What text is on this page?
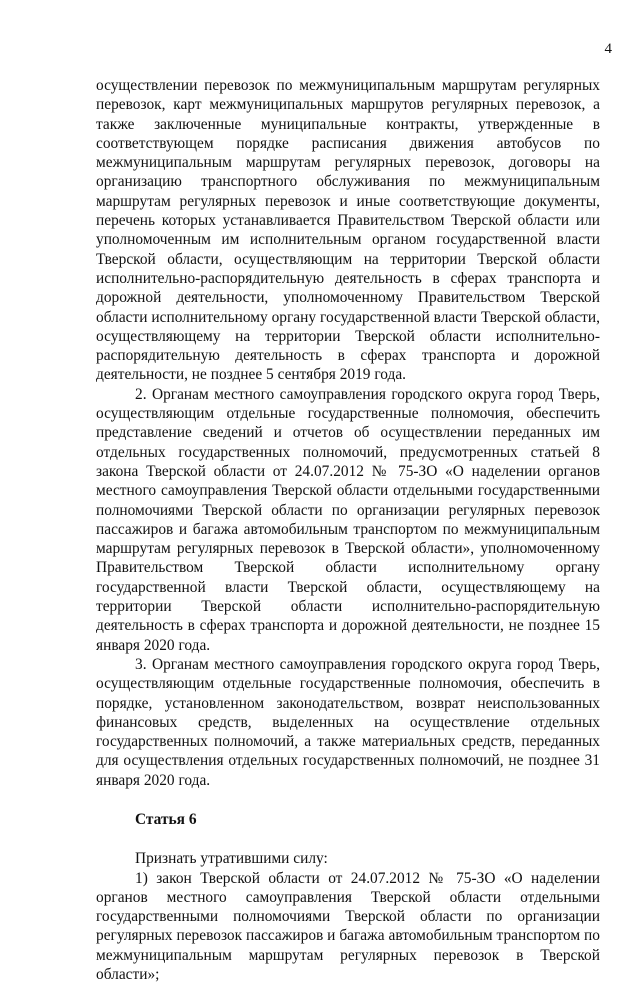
4

осуществлении перевозок по межмуниципальным маршрутам регулярных перевозок, карт межмуниципальных маршрутов регулярных перевозок, а также заключенные муниципальные контракты, утвержденные в соответствующем порядке расписания движения автобусов по межмуниципальным маршрутам регулярных перевозок, договоры на организацию транспортного обслуживания по межмуниципальным маршрутам регулярных перевозок и иные соответствующие документы, перечень которых устанавливается Правительством Тверской области или уполномоченным им исполнительным органом государственной власти Тверской области, осуществляющим на территории Тверской области исполнительно-распорядительную деятельность в сферах транспорта и дорожной деятельности, уполномоченному Правительством Тверской области исполнительному органу государственной власти Тверской области, осуществляющему на территории Тверской области исполнительно-распорядительную деятельность в сферах транспорта и дорожной деятельности, не позднее 5 сентября 2019 года.

2. Органам местного самоуправления городского округа город Тверь, осуществляющим отдельные государственные полномочия, обеспечить представление сведений и отчетов об осуществлении переданных им отдельных государственных полномочий, предусмотренных статьей 8 закона Тверской области от 24.07.2012 № 75-ЗО «О наделении органов местного самоуправления Тверской области отдельными государственными полномочиями Тверской области по организации регулярных перевозок пассажиров и багажа автомобильным транспортом по межмуниципальным маршрутам регулярных перевозок в Тверской области», уполномоченному Правительством Тверской области исполнительному органу государственной власти Тверской области, осуществляющему на территории Тверской области исполнительно-распорядительную деятельность в сферах транспорта и дорожной деятельности, не позднее 15 января 2020 года.

3. Органам местного самоуправления городского округа город Тверь, осуществляющим отдельные государственные полномочия, обеспечить в порядке, установленном законодательством, возврат неиспользованных финансовых средств, выделенных на осуществление отдельных государственных полномочий, а также материальных средств, переданных для осуществления отдельных государственных полномочий, не позднее 31 января 2020 года.

Статья 6

Признать утратившими силу:

1) закон Тверской области от 24.07.2012 № 75-ЗО «О наделении органов местного самоуправления Тверской области отдельными государственными полномочиями Тверской области по организации регулярных перевозок пассажиров и багажа автомобильным транспортом по межмуниципальным маршрутам регулярных перевозок в Тверской области»;
